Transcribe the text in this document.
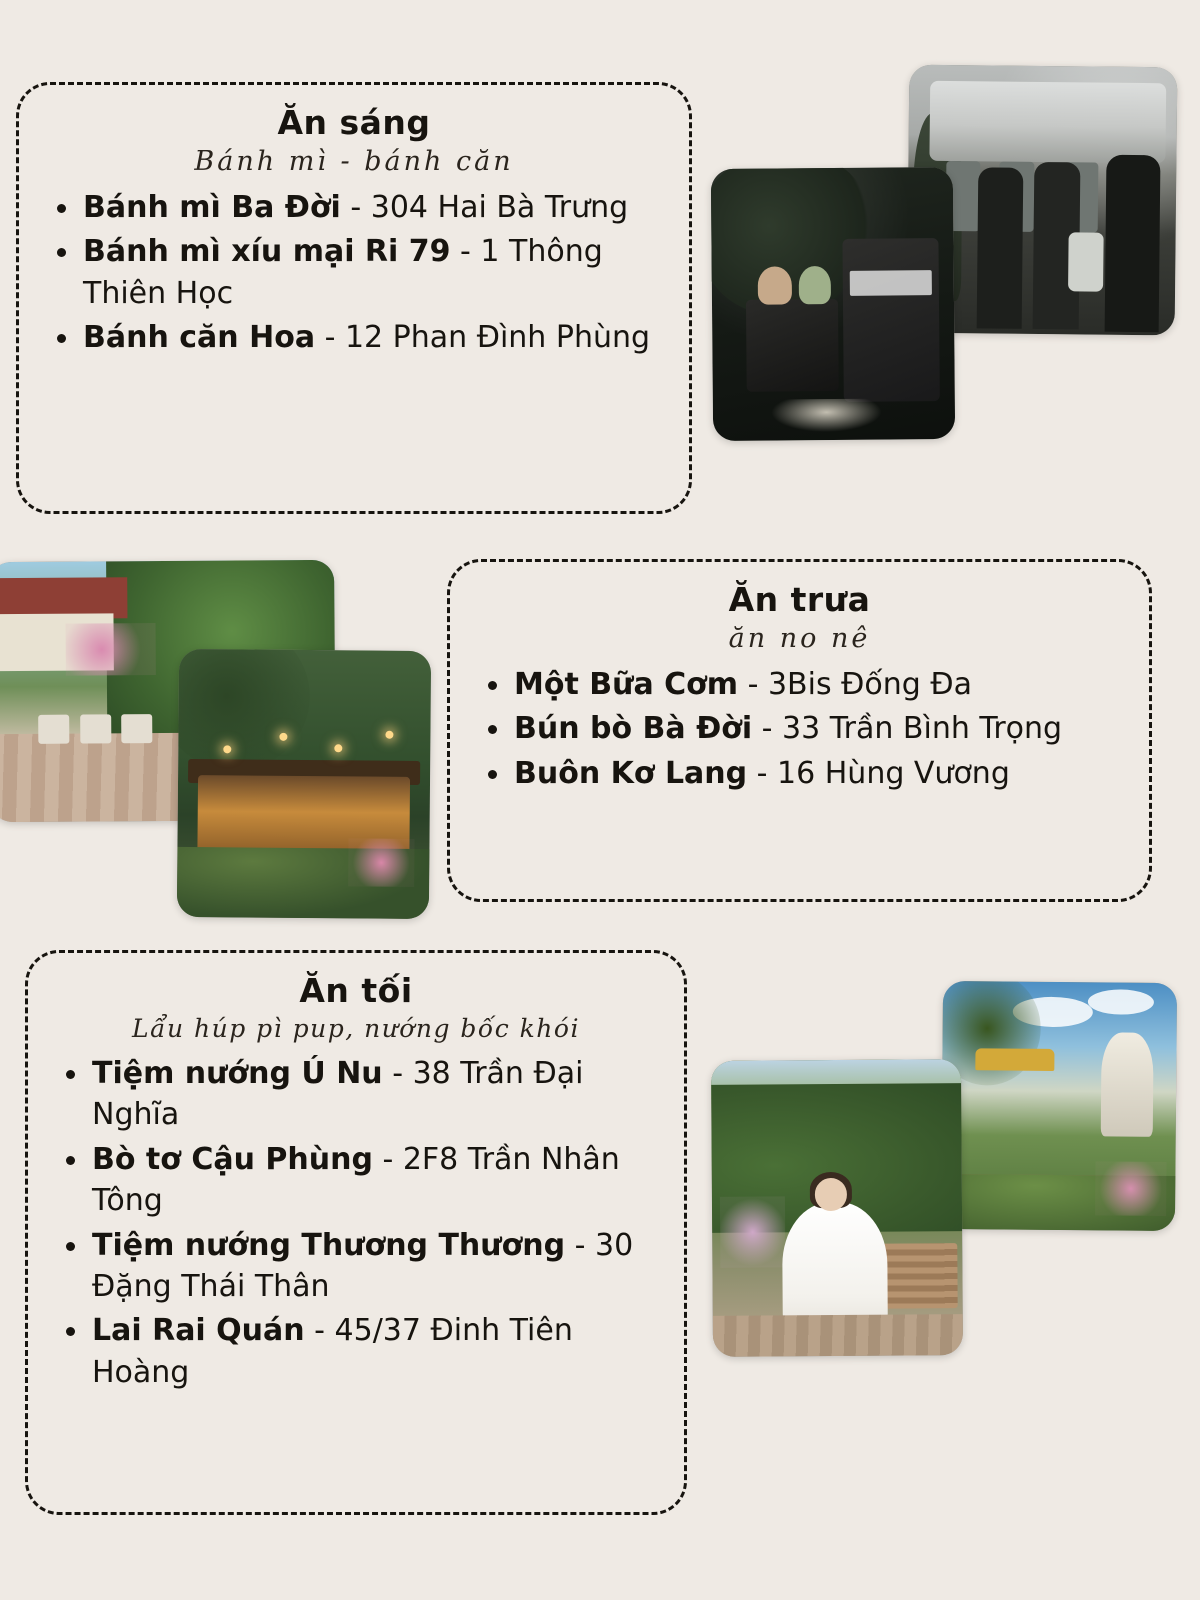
Ăn sáng
Bánh mì - bánh căn
Bánh mì Ba Đời - 304 Hai Bà Trưng
Bánh mì xíu mại Ri 79 - 1 Thông Thiên Học
Bánh căn Hoa - 12 Phan Đình Phùng
Ăn trưa
ăn no nê
Một Bữa Cơm - 3Bis Đống Đa
Bún bò Bà Đời - 33 Trần Bình Trọng
Buôn Kơ Lang - 16 Hùng Vương
Ăn tối
Lẩu húp pì pup, nướng bốc khói
Tiệm nướng Ú Nu - 38 Trần Đại Nghĩa
Bò tơ Cậu Phùng - 2F8 Trần Nhân Tông
Tiệm nướng Thương Thương - 30 Đặng Thái Thân
Lai Rai Quán - 45/37 Đinh Tiên Hoàng
